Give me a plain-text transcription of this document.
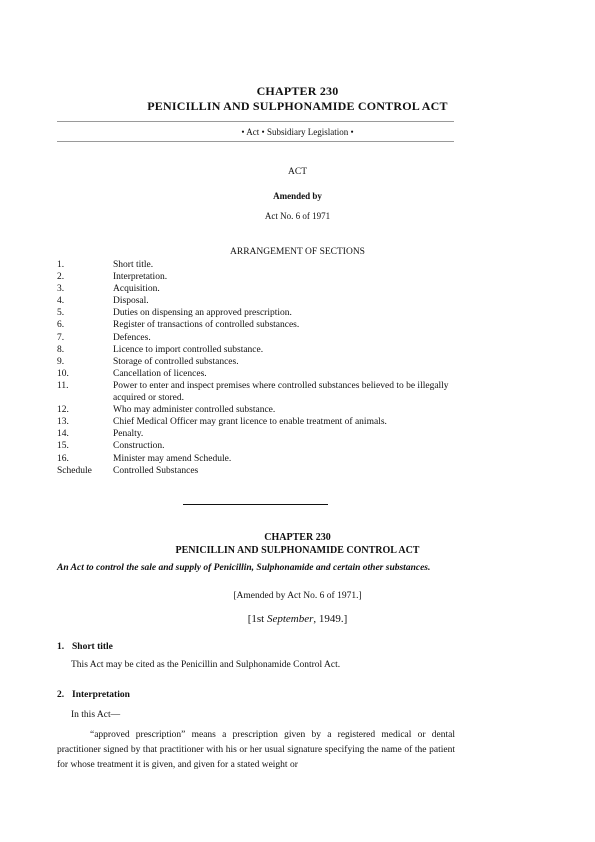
CHAPTER 230
PENICILLIN AND SULPHONAMIDE CONTROL ACT
• Act • Subsidiary Legislation •
ACT
Amended by
Act No. 6 of 1971
ARRANGEMENT OF SECTIONS
1.	Short title.
2.	Interpretation.
3.	Acquisition.
4.	Disposal.
5.	Duties on dispensing an approved prescription.
6.	Register of transactions of controlled substances.
7.	Defences.
8.	Licence to import controlled substance.
9.	Storage of controlled substances.
10.	Cancellation of licences.
11.	Power to enter and inspect premises where controlled substances believed to be illegally acquired or stored.
12.	Who may administer controlled substance.
13.	Chief Medical Officer may grant licence to enable treatment of animals.
14.	Penalty.
15.	Construction.
16.	Minister may amend Schedule.
Schedule Controlled Substances
CHAPTER 230
PENICILLIN AND SULPHONAMIDE CONTROL ACT
An Act to control the sale and supply of Penicillin, Sulphonamide and certain other substances.
[Amended by Act No. 6 of 1971.]
[1st September, 1949.]
1. Short title
This Act may be cited as the Penicillin and Sulphonamide Control Act.
2. Interpretation
In this Act—
“approved prescription” means a prescription given by a registered medical or dental practitioner signed by that practitioner with his or her usual signature specifying the name of the patient for whose treatment it is given, and given for a stated weight or
